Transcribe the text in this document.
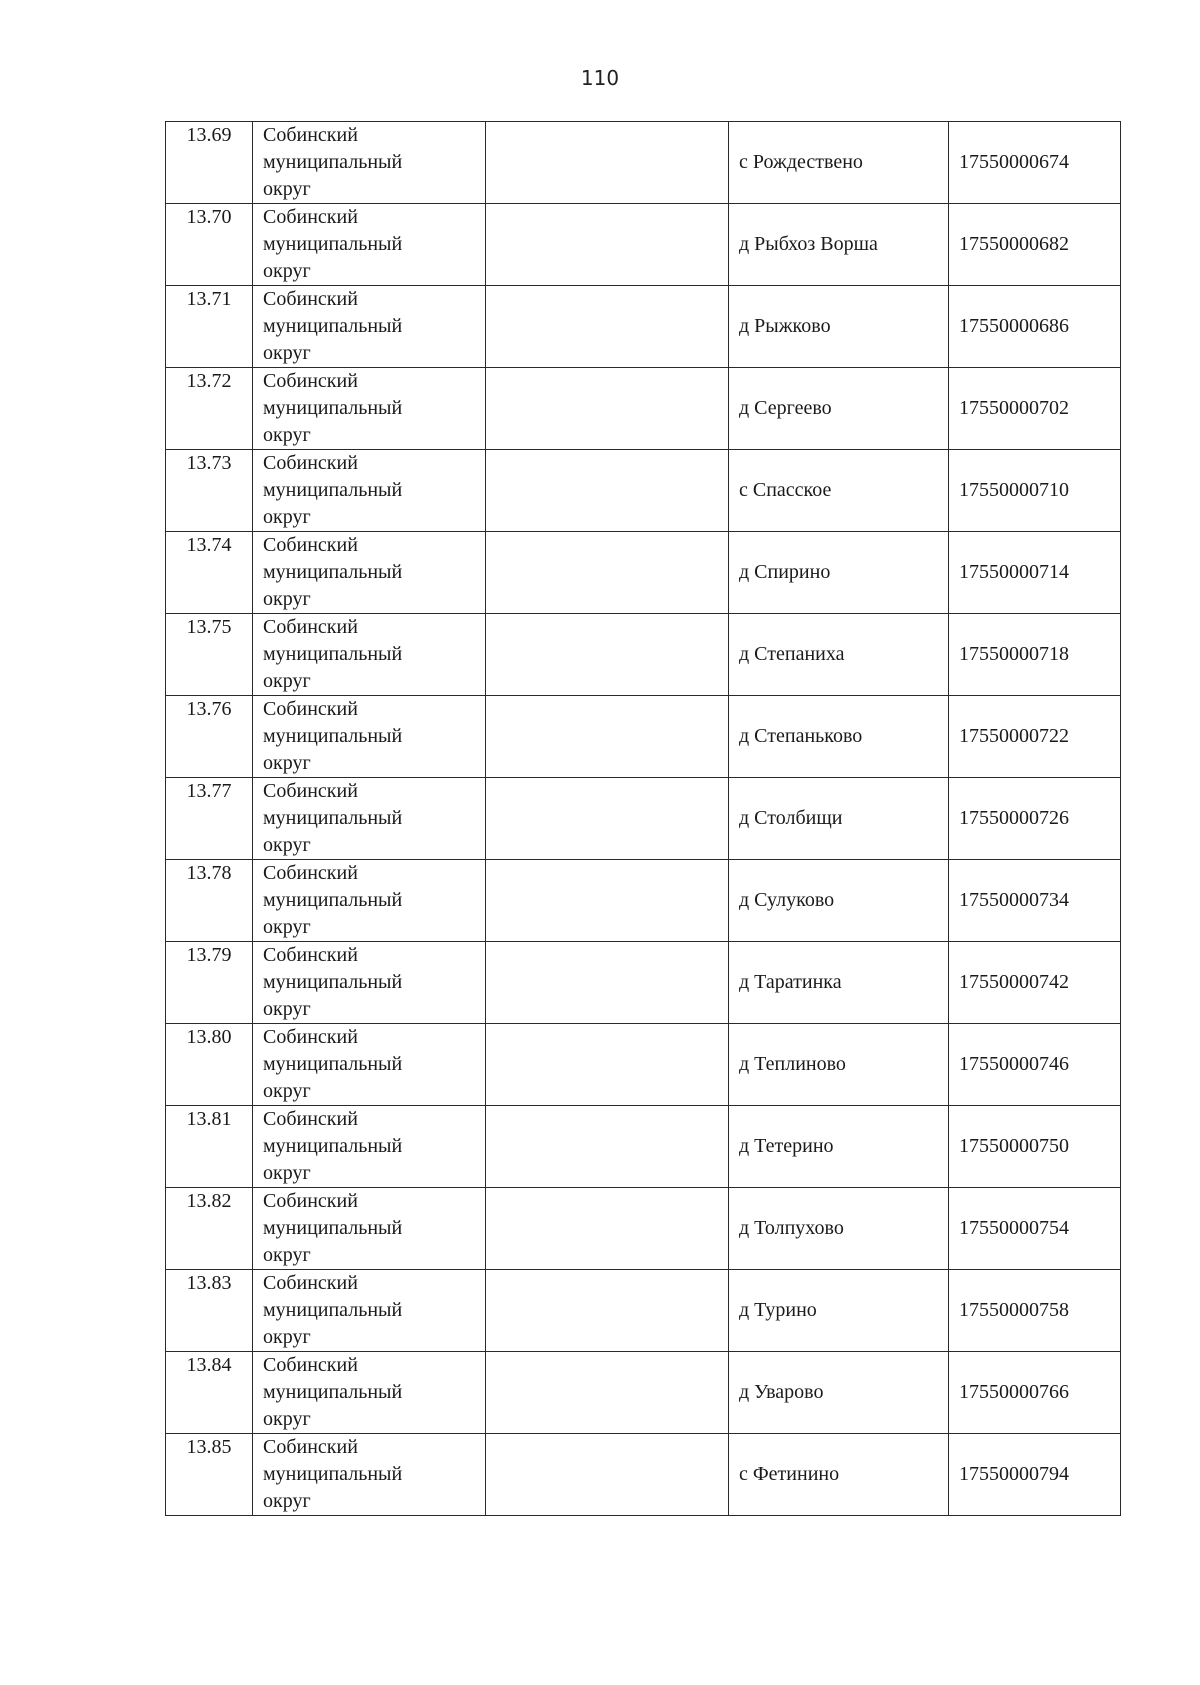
110
13.69	Собинский
муниципальный
округ		с Рождествено	17550000674
13.70	Собинский
муниципальный
округ		д Рыбхоз Ворша	17550000682
13.71	Собинский
муниципальный
округ		д Рыжково	17550000686
13.72	Собинский
муниципальный
округ		д Сергеево	17550000702
13.73	Собинский
муниципальный
округ		с Спасское	17550000710
13.74	Собинский
муниципальный
округ		д Спирино	17550000714
13.75	Собинский
муниципальный
округ		д Степаниха	17550000718
13.76	Собинский
муниципальный
округ		д Степаньково	17550000722
13.77	Собинский
муниципальный
округ		д Столбищи	17550000726
13.78	Собинский
муниципальный
округ		д Сулуково	17550000734
13.79	Собинский
муниципальный
округ		д Таратинка	17550000742
13.80	Собинский
муниципальный
округ		д Теплиново	17550000746
13.81	Собинский
муниципальный
округ		д Тетерино	17550000750
13.82	Собинский
муниципальный
округ		д Толпухово	17550000754
13.83	Собинский
муниципальный
округ		д Турино	17550000758
13.84	Собинский
муниципальный
округ		д Уварово	17550000766
13.85	Собинский
муниципальный
округ		с Фетинино	17550000794
